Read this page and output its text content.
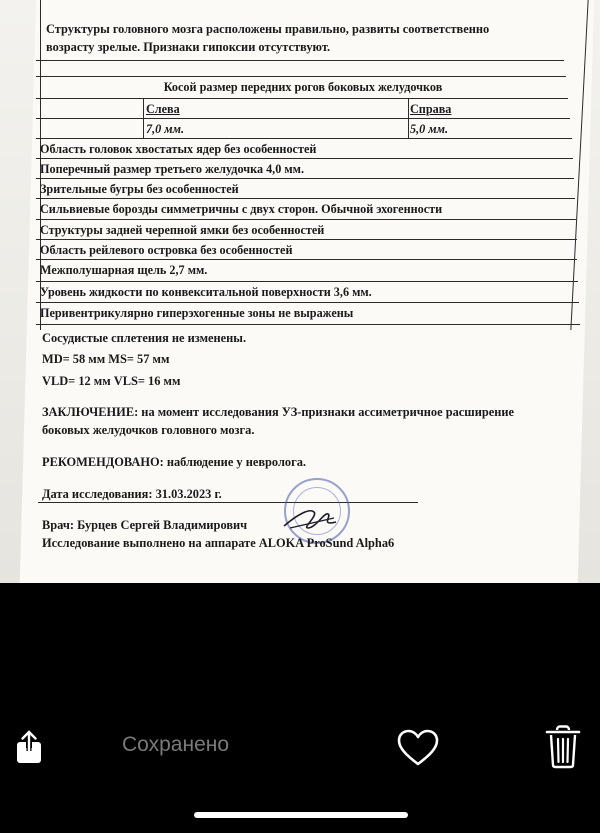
Структуры головного мозга расположены правильно, развиты соответственно
возрасту зрелые. Признаки гипоксии отсутствуют.
Косой размер передних рогов боковых желудочков
Слева	Справа
7,0 мм.	5,0 мм.
Область головок хвостатых ядер без особенностей
Поперечный размер третьего желудочка 4,0 мм.
Зрительные бугры без особенностей
Сильвиевые борозды симметричны с двух сторон. Обычной эхогенности
Структуры задней черепной ямки без особенностей
Область рейлевого островка без особенностей
Межполушарная щель 2,7 мм.
Уровень жидкости по конвекситальной поверхности 3,6 мм.
Перивентрикулярно гиперэхогенные зоны не выражены
Сосудистые сплетения не изменены.
MD= 58 мм MS= 57 мм
VLD= 12 мм VLS= 16 мм
ЗАКЛЮЧЕНИЕ: на момент исследования УЗ-признаки ассиметричное расширение
боковых желудочков головного мозга.
РЕКОМЕНДОВАНО: наблюдение у невролога.
Дата исследования: 31.03.2023 г.
Врач: Бурцев Сергей Владимирович
Исследование выполнено на аппарате ALOKA ProSund Alpha6
Сохранено
